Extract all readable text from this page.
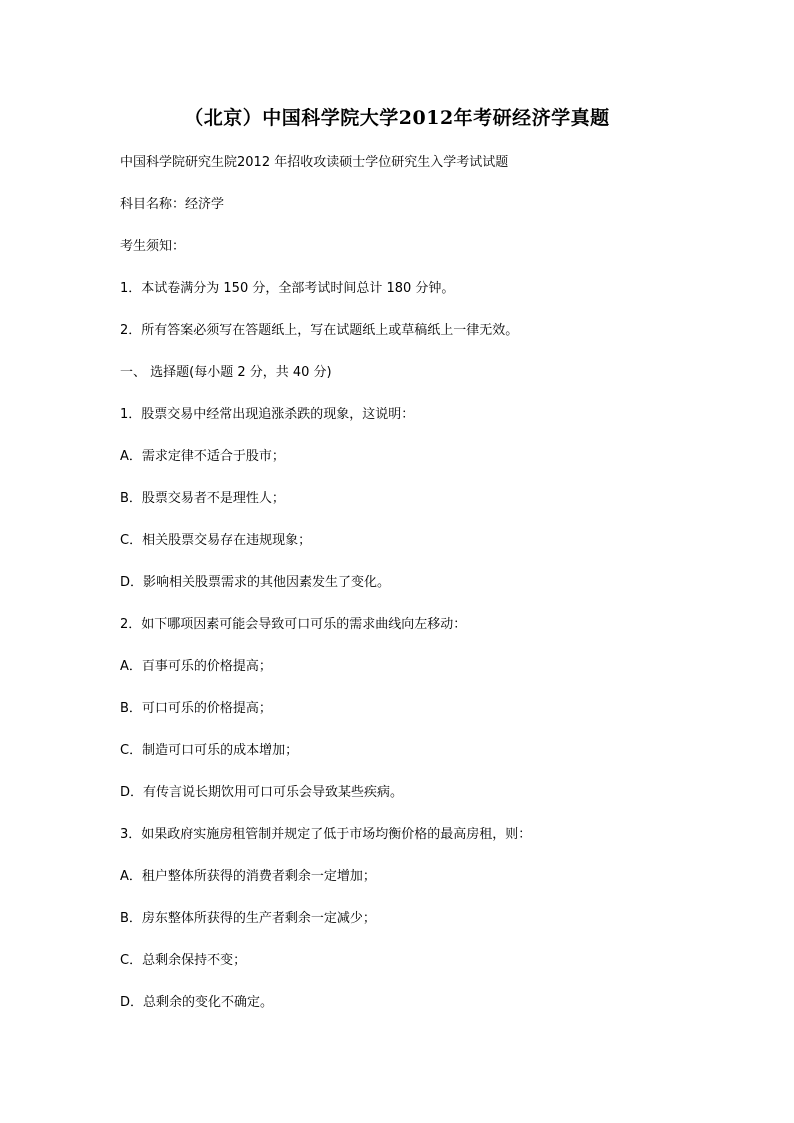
（北京）中国科学院大学2012年考研经济学真题
中国科学院研究生院2012 年招收攻读硕士学位研究生入学考试试题
科目名称：经济学
考生须知：
1．本试卷满分为 150 分，全部考试时间总计 180 分钟。
2．所有答案必须写在答题纸上，写在试题纸上或草稿纸上一律无效。
一、 选择题(每小题 2 分，共 40 分)
1．股票交易中经常出现追涨杀跌的现象，这说明：
A．需求定律不适合于股市；
B．股票交易者不是理性人；
C．相关股票交易存在违规现象；
D．影响相关股票需求的其他因素发生了变化。
2．如下哪项因素可能会导致可口可乐的需求曲线向左移动：
A．百事可乐的价格提高；
B．可口可乐的价格提高；
C．制造可口可乐的成本增加；
D．有传言说长期饮用可口可乐会导致某些疾病。
3．如果政府实施房租管制并规定了低于市场均衡价格的最高房租，则：
A．租户整体所获得的消费者剩余一定增加；
B．房东整体所获得的生产者剩余一定减少；
C．总剩余保持不变；
D．总剩余的变化不确定。
